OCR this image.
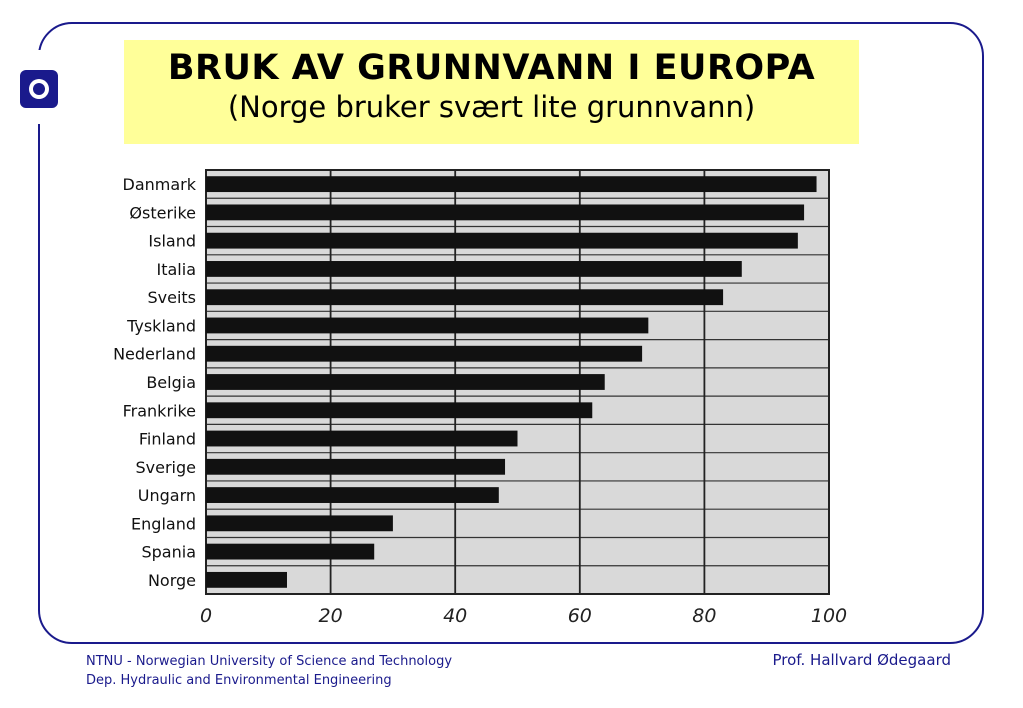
BRUK AV GRUNNVANN I EUROPA
(Norge bruker svært lite grunnvann)
0	20	40	60	80	100
Danmark
Østerike
Island
Italia
Sveits
Tyskland
Nederland
Belgia
Frankrike
Finland
Sverige
Ungarn
England
Spania
Norge
NTNU - Norwegian University of Science and Technology
Dep. Hydraulic and Environmental Engineering
Prof. Hallvard Ødegaard
